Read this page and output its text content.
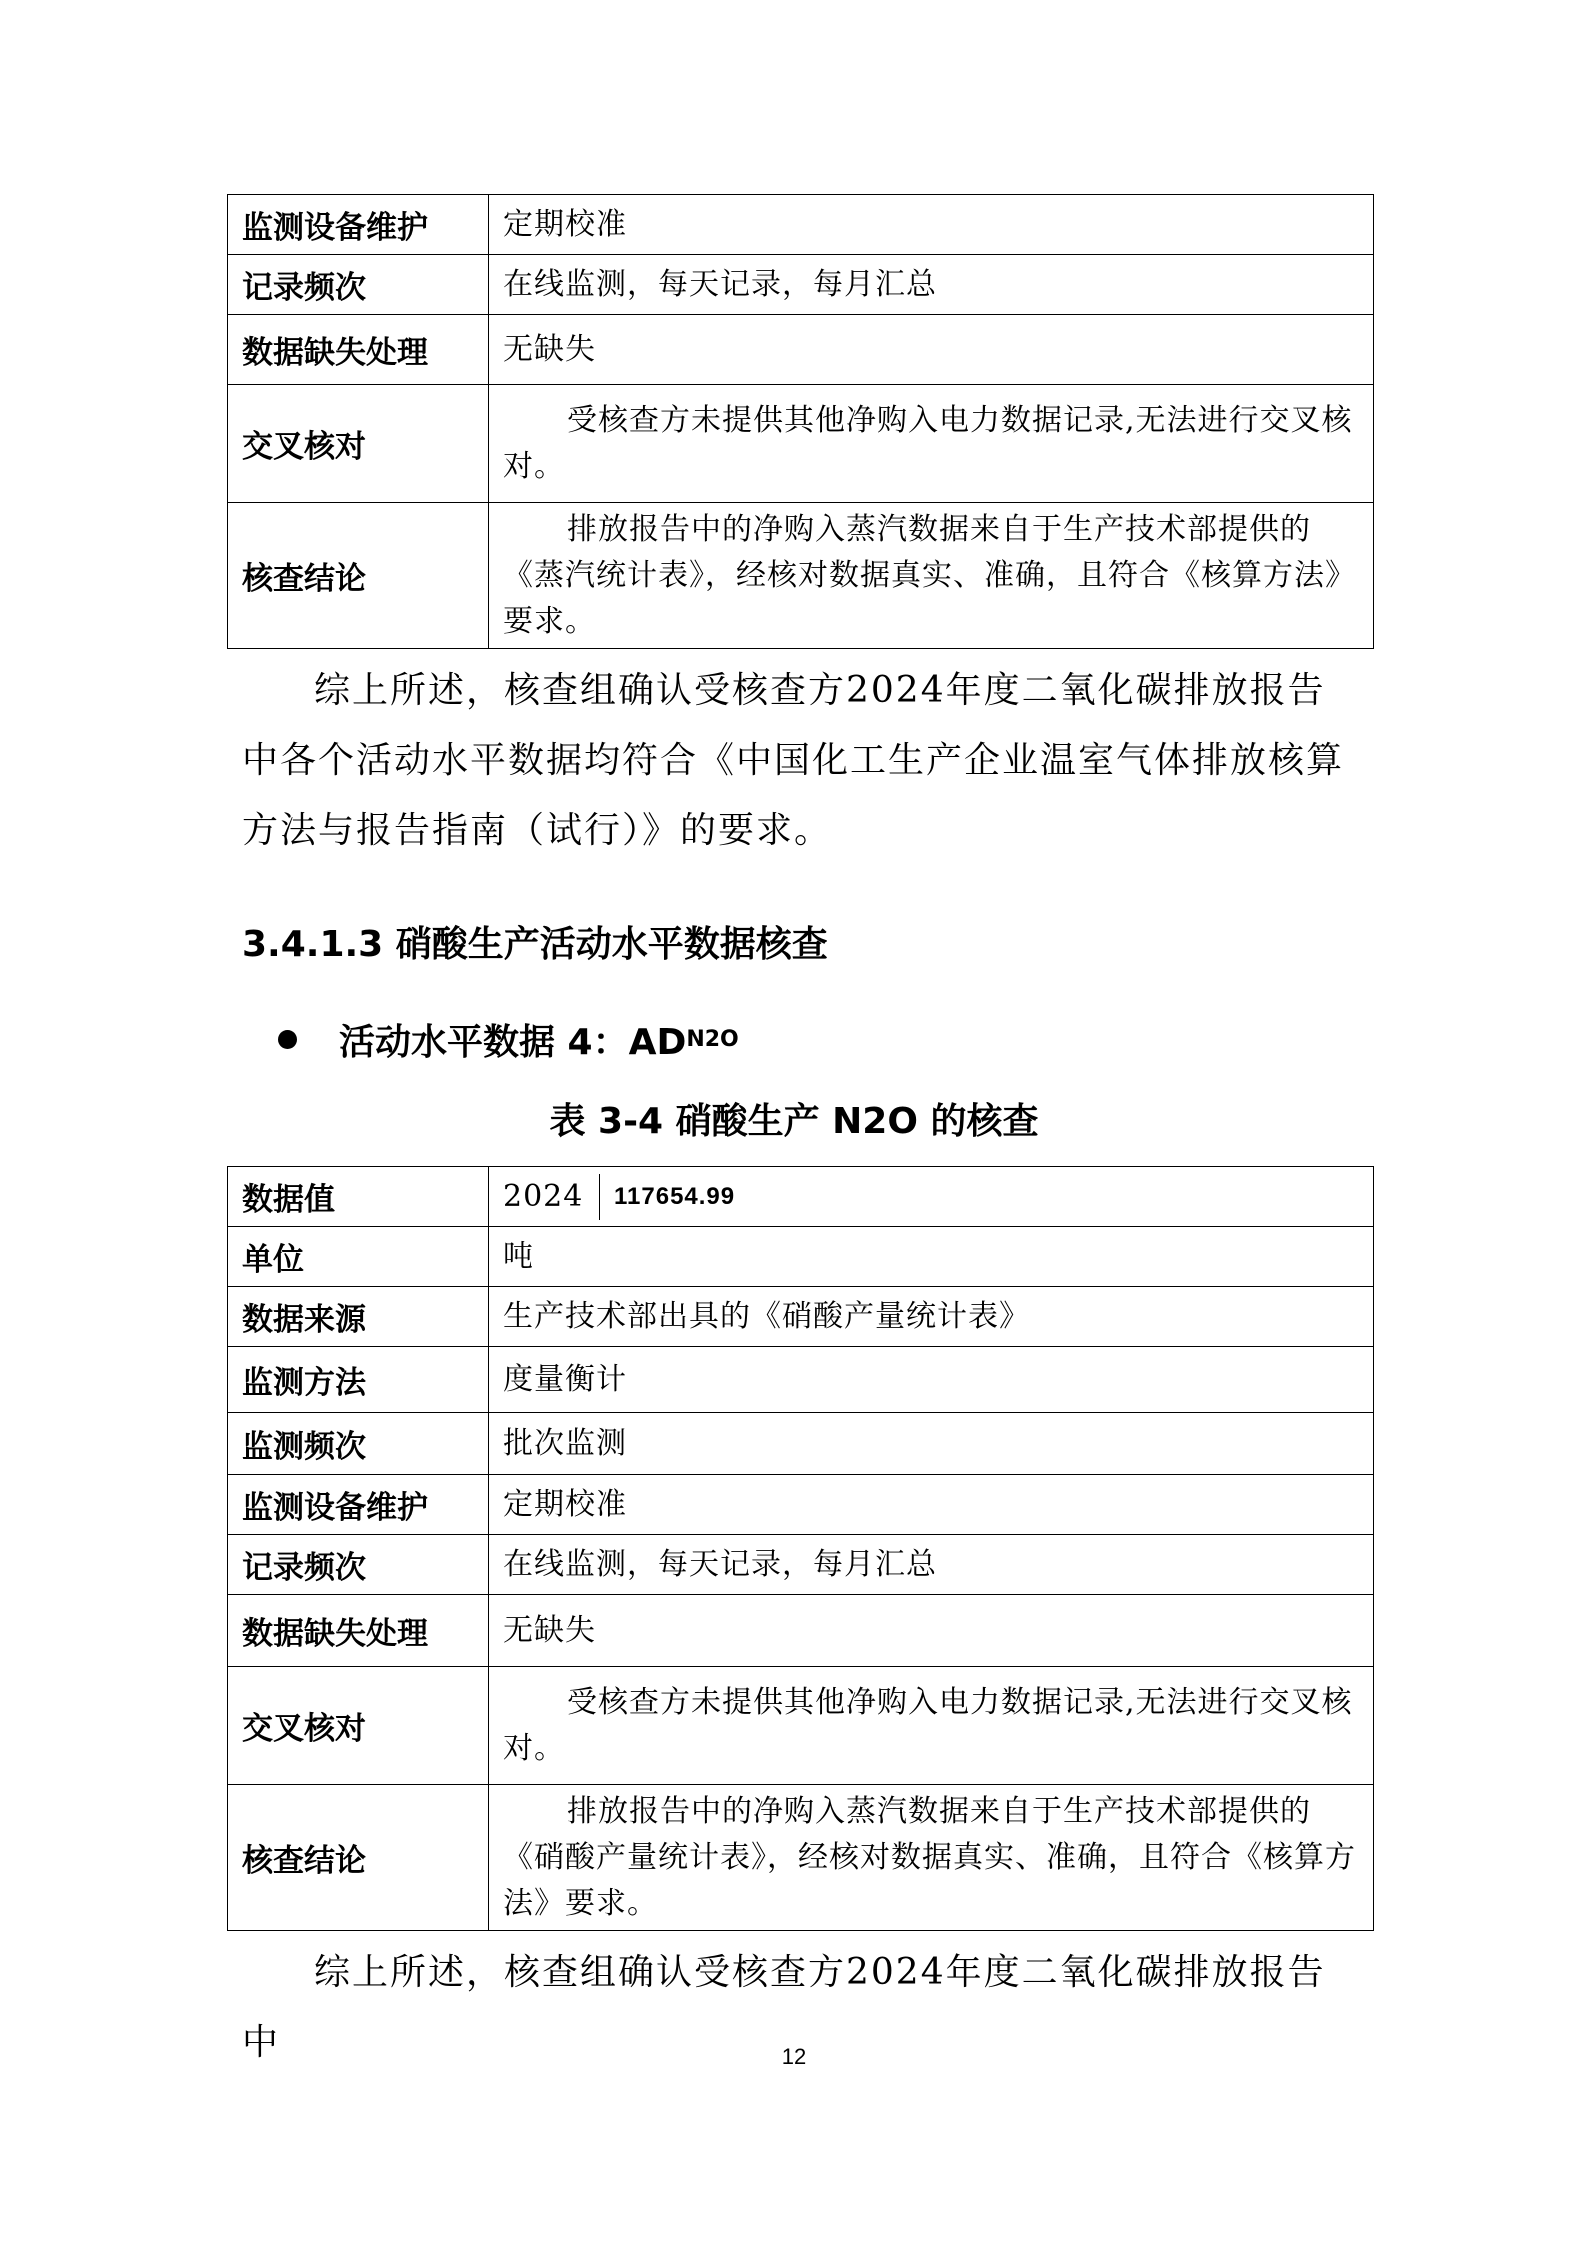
监测设备维护	定期校准
记录频次	在线监测，每天记录，每月汇总
数据缺失处理	无缺失
交叉核对	受核查方未提供其他净购入电力数据记录,无法进行交叉核对。

核查结论	排放报告中的净购入蒸汽数据来自于生产技术部提供的《蒸汽统计表》，经核对数据真实、准确，且符合《核算方法》要求。
综上所述，核查组确认受核查方2024年度二氧化碳排放报告中各个活动水平数据均符合《中国化工生产企业温室气体排放核算方法与报告指南（试行）》的要求。
3.4.1.3 硝酸生产活动水平数据核查
活动水平数据 4：AD N2O
表 3-4 硝酸生产 N2O 的核查
数据值	2024 117654.99

单位	吨
数据来源	生产技术部出具的《硝酸产量统计表》
监测方法	度量衡计
监测频次	批次监测
监测设备维护	定期校准
记录频次	在线监测，每天记录，每月汇总
数据缺失处理	无缺失
交叉核对	受核查方未提供其他净购入电力数据记录,无法进行交叉核对。

核查结论	排放报告中的净购入蒸汽数据来自于生产技术部提供的《硝酸产量统计表》，经核对数据真实、准确，且符合《核算方法》要求。
综上所述，核查组确认受核查方2024年度二氧化碳排放报告中	12
